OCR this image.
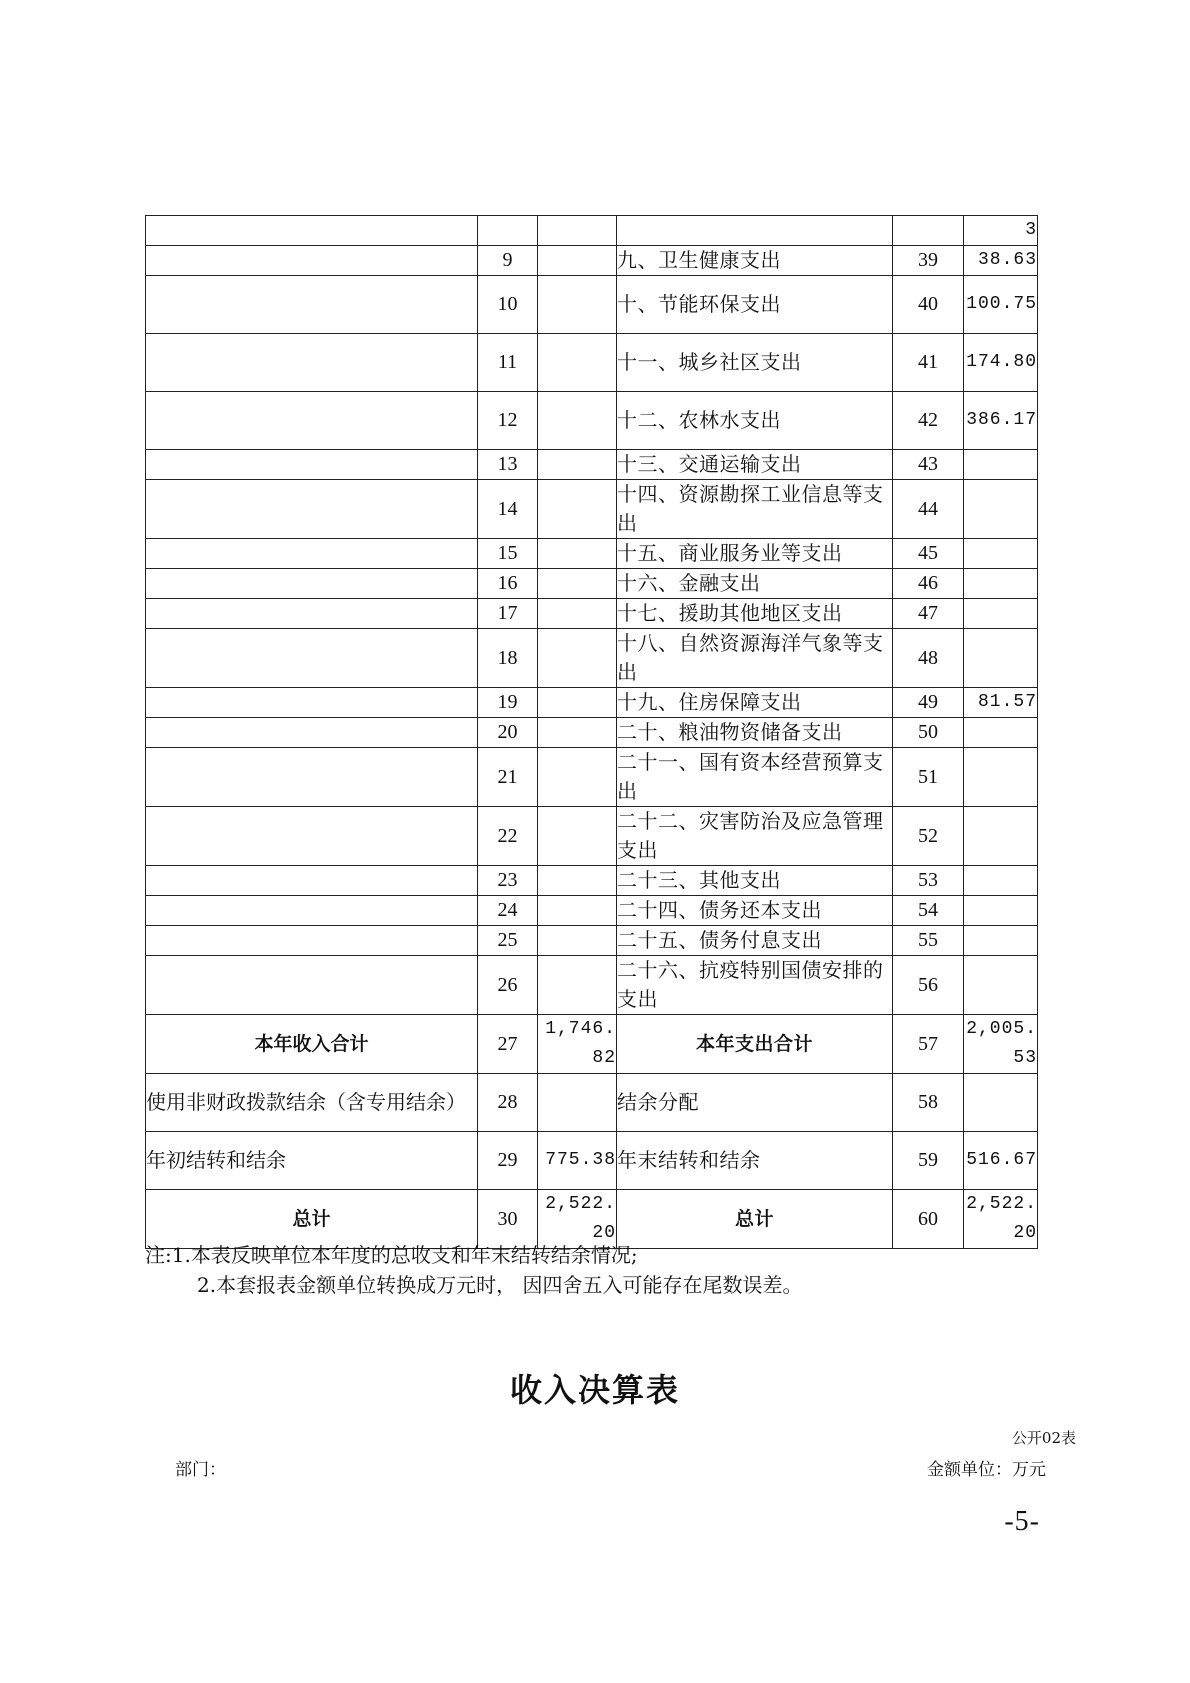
					3
	9		九、卫生健康支出	39	38.63
	10		十、节能环保支出	40	100.75
	11		十一、城乡社区支出	41	174.80
	12		十二、农林水支出	42	386.17
	13		十三、交通运输支出	43	
	14		十四、资源勘探工业信息等支出	44	
	15		十五、商业服务业等支出	45	
	16		十六、金融支出	46	
	17		十七、援助其他地区支出	47	
	18		十八、自然资源海洋气象等支出	48	
	19		十九、住房保障支出	49	81.57
	20		二十、粮油物资储备支出	50	
	21		二十一、国有资本经营预算支出	51	
	22		二十二、灾害防治及应急管理支出	52	
	23		二十三、其他支出	53	
	24		二十四、债务还本支出	54	
	25		二十五、债务付息支出	55	
	26		二十六、抗疫特别国债安排的支出	56	
本年收入合计	27	1,746.82	本年支出合计	57	2,005.53
使用非财政拨款结余（含专用结余）	28		结余分配	58	
年初结转和结余	29	775.38	年末结转和结余	59	516.67
总计	30	2,522.20	总计	60	2,522.20
注:1.本表反映单位本年度的总收支和年末结转结余情况;
2.本套报表金额单位转换成万元时， 因四舍五入可能存在尾数误差。
收入决算表
公开02表
部门：	金额单位：万元
-5-
